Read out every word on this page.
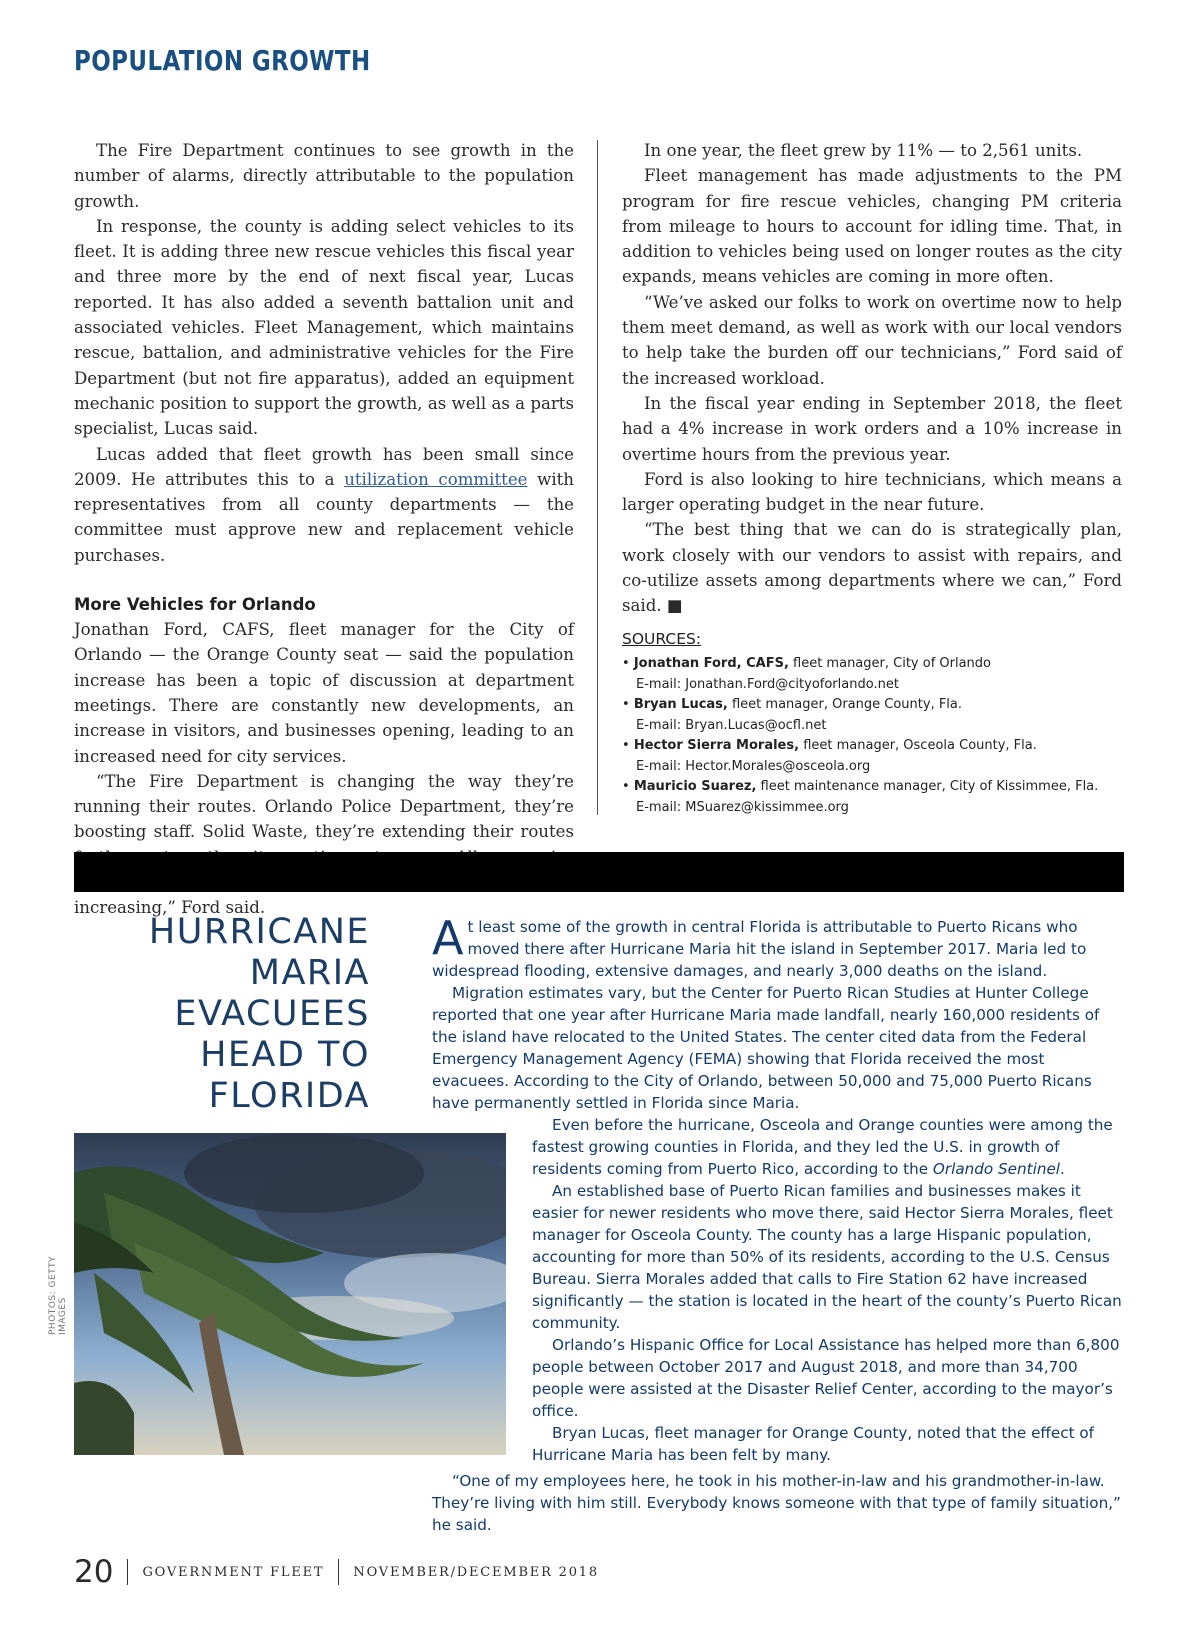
POPULATION GROWTH

The Fire Department continues to see growth in the number of alarms, directly attributable to the population growth.

In response, the county is adding select vehicles to its fleet. It is adding three new rescue vehicles this fiscal year and three more by the end of next fiscal year, Lucas reported. It has also added a seventh battalion unit and associated vehicles. Fleet Management, which maintains rescue, battalion, and administrative vehicles for the Fire Department (but not fire apparatus), added an equipment mechanic position to support the growth, as well as a parts specialist, Lucas said.

Lucas added that fleet growth has been small since 2009. He attributes this to a utilization committee with representatives from all county departments — the committee must approve new and replacement vehicle purchases.

More Vehicles for Orlando

Jonathan Ford, CAFS, fleet manager for the City of Orlando — the Orange County seat — said the population increase has been a topic of discussion at department meetings. There are constantly new developments, an increase in visitors, and businesses opening, leading to an increased need for city services.

“The Fire Department is changing the way they’re running their routes. Orlando Police Department, they’re boosting staff. Solid Waste, they’re extending their routes increasing,” Ford said.

In one year, the fleet grew by 11% — to 2,561 units.

Fleet management has made adjustments to the PM program for fire rescue vehicles, changing PM criteria from mileage to hours to account for idling time. That, in addition to vehicles being used on longer routes as the city expands, means vehicles are coming in more often.

“We’ve asked our folks to work on overtime now to help them meet demand, as well as work with our local vendors to help take the burden off our technicians,” Ford said of the increased workload.

In the fiscal year ending in September 2018, the fleet had a 4% increase in work orders and a 10% increase in overtime hours from the previous year.

Ford is also looking to hire technicians, which means a larger operating budget in the near future.

“The best thing that we can do is strategically plan, work closely with our vendors to assist with repairs, and co-utilize assets among departments where we can,” Ford said. ■

SOURCES:
• Jonathan Ford, CAFS, fleet manager, City of Orlando
E-mail: Jonathan.Ford@cityoforlando.net
• Bryan Lucas, fleet manager, Orange County, Fla.
E-mail: Bryan.Lucas@ocfl.net
• Hector Sierra Morales, fleet manager, Osceola County, Fla.
E-mail: Hector.Morales@osceola.org
• Mauricio Suarez, fleet maintenance manager, City of Kissimmee, Fla.
E-mail: MSuarez@kissimmee.org
HURRICANE
MARIA
EVACUEES
HEAD TO
FLORIDA

At least some of the growth in central Florida is attributable to Puerto Ricans who moved there after Hurricane Maria hit the island in September 2017. Maria led to widespread flooding, extensive damages, and nearly 3,000 deaths on the island.

Migration estimates vary, but the Center for Puerto Rican Studies at Hunter College reported that one year after Hurricane Maria made landfall, nearly 160,000 residents of the island have relocated to the United States. The center cited data from the Federal Emergency Management Agency (FEMA) showing that Florida received the most evacuees. According to the City of Orlando, between 50,000 and 75,000 Puerto Ricans have permanently settled in Florida since Maria.

PHOTOS: GETTY IMAGES

Even before the hurricane, Osceola and Orange counties were among the fastest growing counties in Florida, and they led the U.S. in growth of residents coming from Puerto Rico, according to the Orlando Sentinel.

An established base of Puerto Rican families and businesses makes it easier for newer residents who move there, said Hector Sierra Morales, fleet manager for Osceola County. The county has a large Hispanic population, accounting for more than 50% of its residents, according to the U.S. Census Bureau. Sierra Morales added that calls to Fire Station 62 have increased significantly — the station is located in the heart of the county’s Puerto Rican community.

Orlando’s Hispanic Office for Local Assistance has helped more than 6,800 people between October 2017 and August 2018, and more than 34,700 people were assisted at the Disaster Relief Center, according to the mayor’s office.

Bryan Lucas, fleet manager for Orange County, noted that the effect of Hurricane Maria has been felt by many.

“One of my employees here, he took in his mother-in-law and his grandmother-in-law. They’re living with him still. Everybody knows someone with that type of family situation,” he said.

20 GOVERNMENT FLEET NOVEMBER/DECEMBER 2018
